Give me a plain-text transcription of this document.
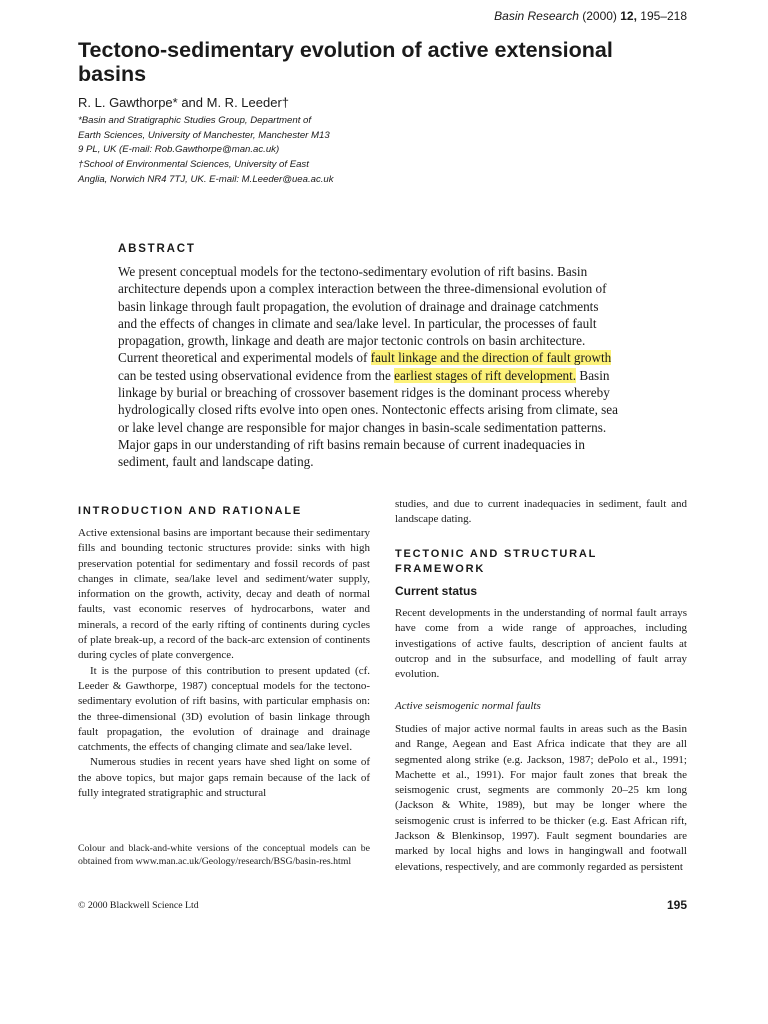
Basin Research (2000) 12, 195–218
Tectono-sedimentary evolution of active extensional
basins
R. L. Gawthorpe* and M. R. Leeder†
*Basin and Stratigraphic Studies Group, Department of
Earth Sciences, University of Manchester, Manchester M13
9 PL, UK (E-mail: Rob.Gawthorpe@man.ac.uk)
†School of Environmental Sciences, University of East
Anglia, Norwich NR4 7TJ, UK. E-mail: M.Leeder@uea.ac.uk
ABSTRACT
We present conceptual models for the tectono-sedimentary evolution of rift basins. Basin
architecture depends upon a complex interaction between the three-dimensional evolution of
basin linkage through fault propagation, the evolution of drainage and drainage catchments
and the effects of changes in climate and sea/lake level. In particular, the processes of fault
propagation, growth, linkage and death are major tectonic controls on basin architecture.
Current theoretical and experimental models of fault linkage and the direction of fault growth
can be tested using observational evidence from the earliest stages of rift development. Basin
linkage by burial or breaching of crossover basement ridges is the dominant process whereby
hydrologically closed rifts evolve into open ones. Nontectonic effects arising from climate, sea
or lake level change are responsible for major changes in basin-scale sedimentation patterns.
Major gaps in our understanding of rift basins remain because of current inadequacies in
sediment, fault and landscape dating.
INTRODUCTION AND RATIONALE

Active extensional basins are important because their sedimentary fills and bounding tectonic structures provide: sinks with high preservation potential for sedimentary and fossil records of past changes in climate, sea/lake level and sediment/water supply, information on the growth, activity, decay and death of normal faults, vast economic reserves of hydrocarbons, water and minerals, a record of the early rifting of continents during cycles of plate break-up, a record of the back-arc extension of continents during cycles of plate convergence.

It is the purpose of this contribution to present updated (cf. Leeder & Gawthorpe, 1987) conceptual models for the tectono-sedimentary evolution of rift basins, with particular emphasis on: the three-dimensional (3D) evolution of basin linkage through fault propagation, the evolution of drainage and drainage catchments, the effects of changing climate and sea/lake level.

Numerous studies in recent years have shed light on some of the above topics, but major gaps remain because of the lack of fully integrated stratigraphic and structural

Colour and black-and-white versions of the conceptual models can be obtained from www.man.ac.uk/Geology/research/BSG/basin-res.html
studies, and due to current inadequacies in sediment, fault and landscape dating.
TECTONIC AND STRUCTURAL FRAMEWORK
Current status
Recent developments in the understanding of normal fault arrays have come from a wide range of approaches, including investigations of active faults, description of ancient faults at outcrop and in the subsurface, and modelling of fault array evolution.
Active seismogenic normal faults
Studies of major active normal faults in areas such as the Basin and Range, Aegean and East Africa indicate that they are all segmented along strike (e.g. Jackson, 1987; dePolo et al., 1991; Machette et al., 1991). For major fault zones that break the seismogenic crust, segments are commonly 20–25 km long (Jackson & White, 1989), but may be longer where the seismogenic crust is inferred to be thicker (e.g. East African rift, Jackson & Blenkinsop, 1997). Fault segment boundaries are marked by local highs and lows in hangingwall and footwall elevations, respectively, and are commonly regarded as persistent
© 2000 Blackwell Science Ltd	195
